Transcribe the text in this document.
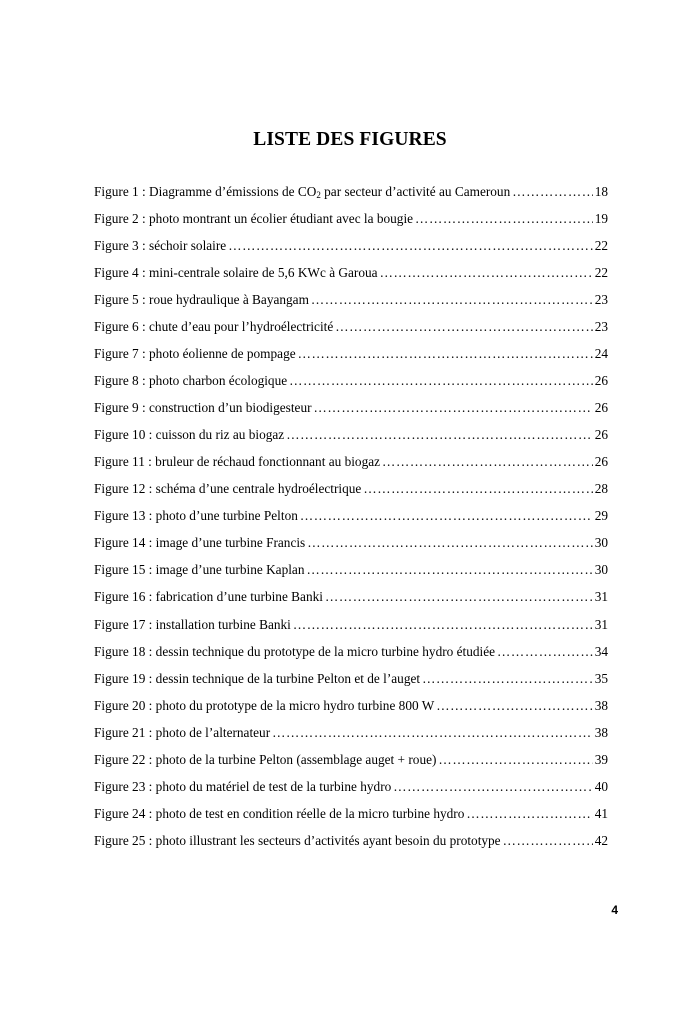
LISTE DES FIGURES
Figure 1 : Diagramme d’émissions de $CO_2$ par secteur d’activité au Cameroun …………………………………………………………………………………………………………………………………………………………………………	18
Figure 2 : photo montrant un écolier étudiant avec la bougie …………………………………………………………………………………………………………………………………………………………………………	19
Figure 3 : séchoir solaire …………………………………………………………………………………………………………………………………………………………………………	22
Figure 4 : mini-centrale solaire de 5,6 KWc à Garoua …………………………………………………………………………………………………………………………………………………………………………	22
Figure 5 : roue hydraulique à Bayangam …………………………………………………………………………………………………………………………………………………………………………	23
Figure 6 : chute d’eau pour l’hydroélectricité …………………………………………………………………………………………………………………………………………………………………………	23
Figure 7 : photo éolienne de pompage …………………………………………………………………………………………………………………………………………………………………………	24
Figure 8 : photo charbon écologique …………………………………………………………………………………………………………………………………………………………………………	26
Figure 9 : construction d’un biodigesteur …………………………………………………………………………………………………………………………………………………………………………	26
Figure 10 : cuisson du riz au biogaz …………………………………………………………………………………………………………………………………………………………………………	26
Figure 11 : bruleur de réchaud fonctionnant au biogaz …………………………………………………………………………………………………………………………………………………………………………	26
Figure 12 : schéma d’une centrale hydroélectrique …………………………………………………………………………………………………………………………………………………………………………	28
Figure 13 : photo d’une turbine Pelton …………………………………………………………………………………………………………………………………………………………………………	29
Figure 14 : image d’une turbine Francis …………………………………………………………………………………………………………………………………………………………………………	30
Figure 15 : image d’une turbine Kaplan …………………………………………………………………………………………………………………………………………………………………………	30
Figure 16 : fabrication d’une turbine Banki …………………………………………………………………………………………………………………………………………………………………………	31
Figure 17 : installation turbine Banki …………………………………………………………………………………………………………………………………………………………………………	31
Figure 18 : dessin technique du prototype de la micro turbine hydro étudiée …………………………………………………………………………………………………………………………………………………………………………	34
Figure 19 : dessin technique de la turbine Pelton et de l’auget …………………………………………………………………………………………………………………………………………………………………………	35
Figure 20 : photo du prototype de la micro hydro turbine 800 W …………………………………………………………………………………………………………………………………………………………………………	38
Figure 21 : photo de l’alternateur …………………………………………………………………………………………………………………………………………………………………………	38
Figure 22 : photo de la turbine Pelton (assemblage auget + roue) …………………………………………………………………………………………………………………………………………………………………………	39
Figure 23 : photo du matériel de test de la turbine hydro …………………………………………………………………………………………………………………………………………………………………………	40
Figure 24 : photo de test en condition réelle de la micro turbine hydro …………………………………………………………………………………………………………………………………………………………………………	41
Figure 25 : photo illustrant les secteurs d’activités ayant besoin du prototype …………………………………………………………………………………………………………………………………………………………………………	42
4
